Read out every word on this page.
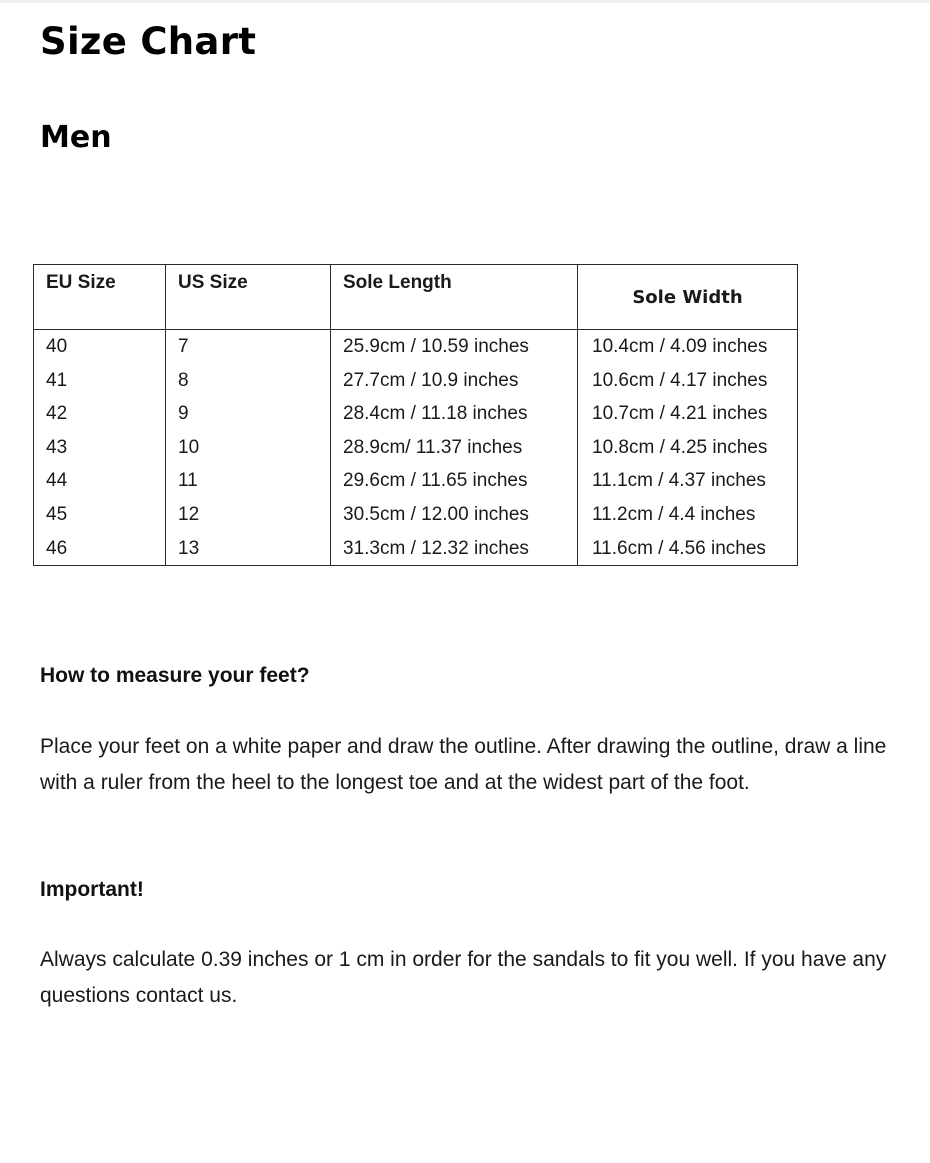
Size Chart
Men
EU Size	US Size	Sole Length	Sole Width
40	7	25.9cm / 10.59 inches	10.4cm / 4.09 inches
41	8	27.7cm / 10.9 inches	10.6cm / 4.17 inches
42	9	28.4cm / 11.18 inches	10.7cm / 4.21 inches
43	10	28.9cm/ 11.37 inches	10.8cm / 4.25 inches
44	11	29.6cm / 11.65 inches	11.1cm / 4.37 inches
45	12	30.5cm / 12.00 inches	11.2cm / 4.4 inches
46	13	31.3cm / 12.32 inches	11.6cm / 4.56 inches
How to measure your feet?

Place your feet on a white paper and draw the outline. After drawing the outline, draw a line with a ruler from the heel to the longest toe and at the widest part of the foot.

Important!

Always calculate 0.39 inches or 1 cm in order for the sandals to fit you well. If you have any questions contact us.
